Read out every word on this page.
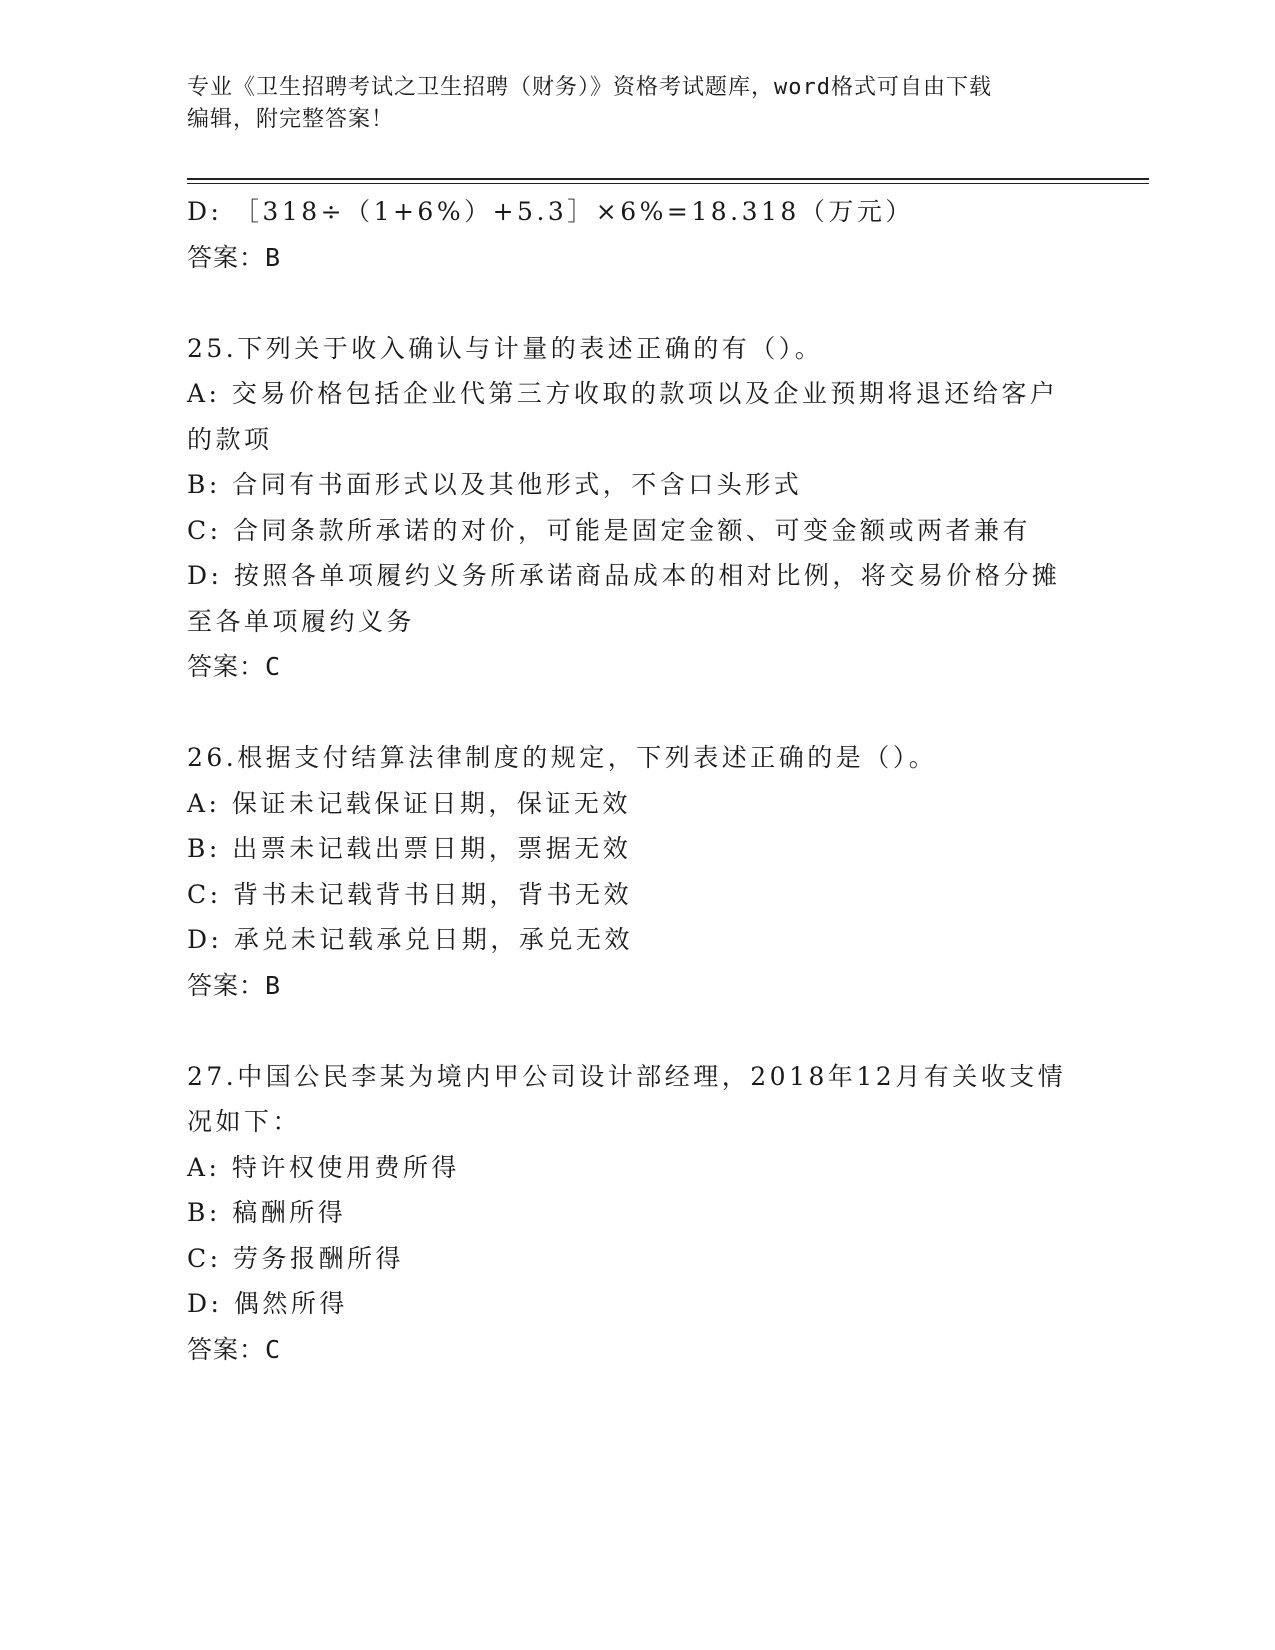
专业《卫生招聘考试之卫生招聘（财务）》资格考试题库，word格式可自由下载
编辑，附完整答案！
D: ［318÷（1+6%）+5.3］×6%=18.318（万元）
答案：B
25.下列关于收入确认与计量的表述正确的有（）。
A: 交易价格包括企业代第三方收取的款项以及企业预期将退还给客户的款项
B: 合同有书面形式以及其他形式，不含口头形式
C: 合同条款所承诺的对价，可能是固定金额、可变金额或两者兼有
D: 按照各单项履约义务所承诺商品成本的相对比例，将交易价格分摊至各单项履约义务
答案：C
26.根据支付结算法律制度的规定，下列表述正确的是（）。
A: 保证未记载保证日期，保证无效
B: 出票未记载出票日期，票据无效
C: 背书未记载背书日期，背书无效
D: 承兑未记载承兑日期，承兑无效
答案：B
27.中国公民李某为境内甲公司设计部经理，2018年12月有关收支情况如下：
A: 特许权使用费所得
B: 稿酬所得
C: 劳务报酬所得
D: 偶然所得
答案：C
